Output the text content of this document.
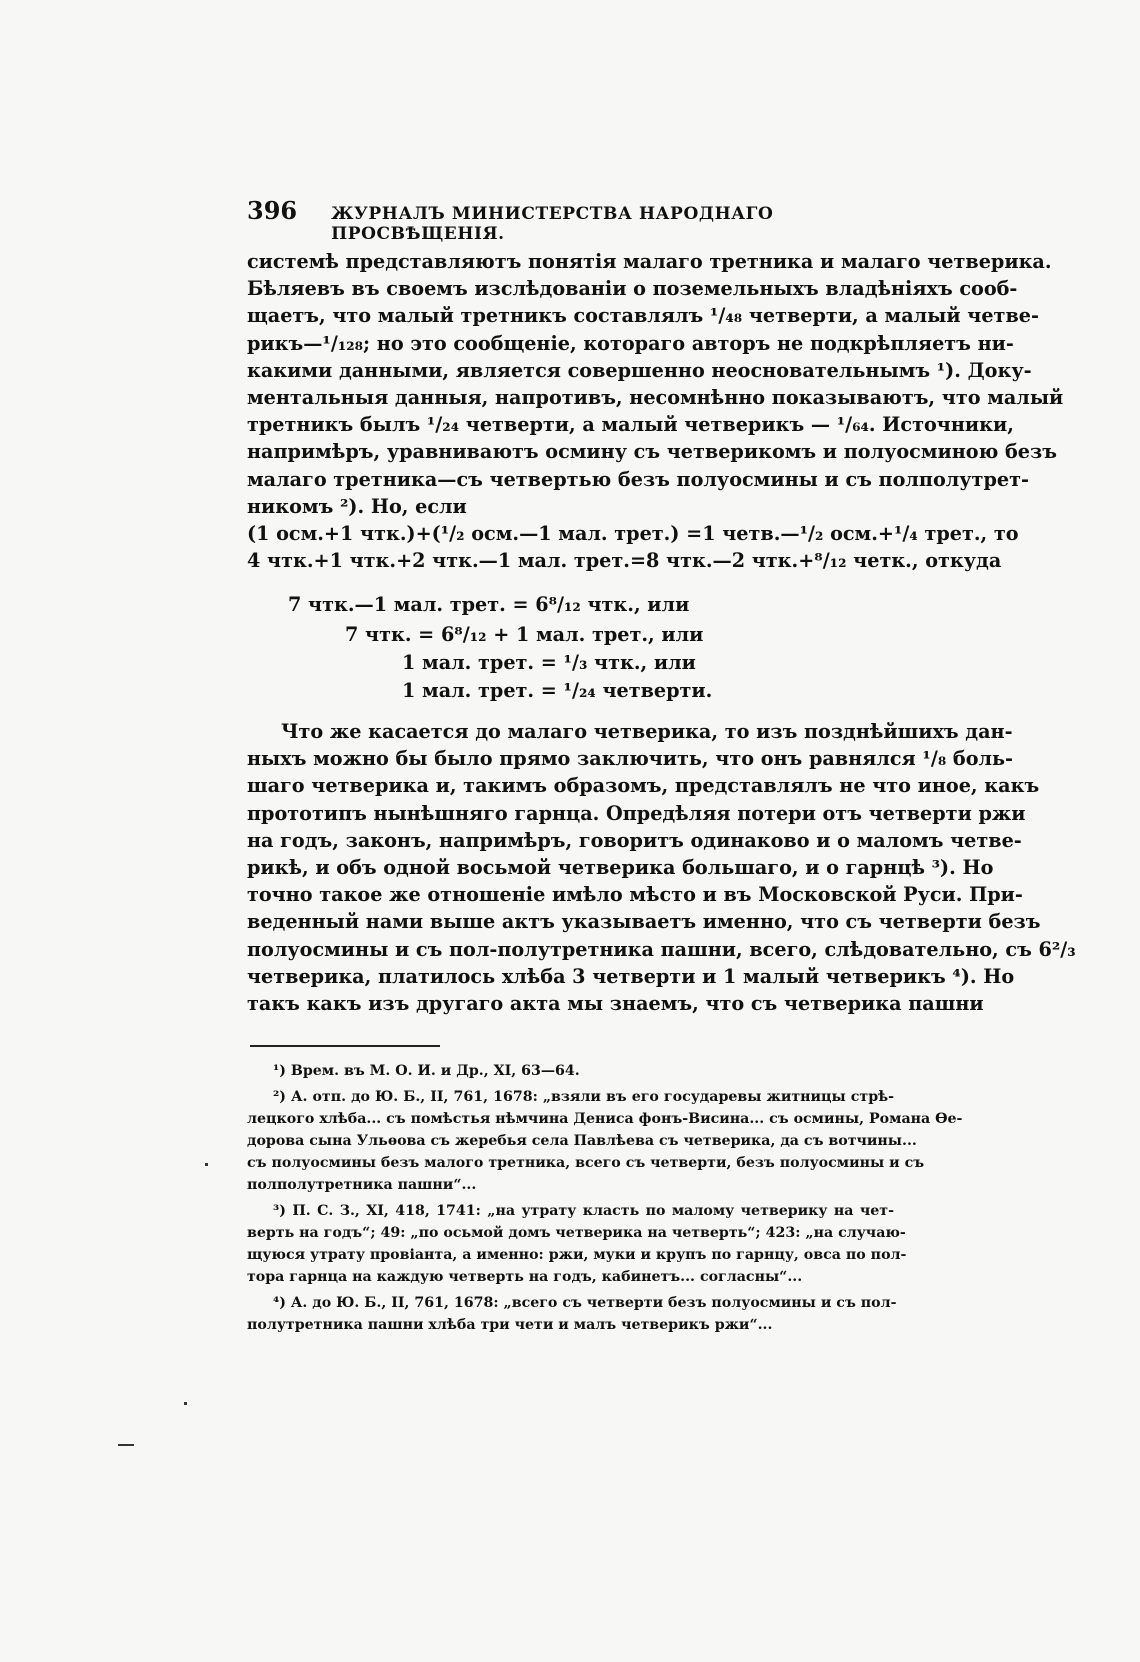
396 ЖУРНАЛЪ МИНИСТЕРСТВА НАРОДНАГО ПРОСВѢЩЕНІЯ.
системѣ представляютъ понятія малаго третника и малаго четверика.
Бѣляевъ въ своемъ изслѣдованіи о поземельныхъ владѣніяхъ сооб-
щаетъ, что малый третникъ составлялъ ¹/₄₈ четверти, а малый четве-
рикъ—¹/₁₂₈; но это сообщеніе, котораго авторъ не подкрѣпляетъ ни-
какими данными, является совершенно неосновательнымъ ¹). Доку-
ментальныя данныя, напротивъ, несомнѣнно показываютъ, что малый
третникъ былъ ¹/₂₄ четверти, а малый четверикъ — ¹/₆₄. Источники,
напримѣръ, уравниваютъ осмину съ четверикомъ и полуосминою безъ
малаго третника—съ четвертью безъ полуосмины и съ полполутрет-
никомъ ²). Но, если
(1 осм.+1 чтк.)+(¹/₂ осм.—1 мал. трет.) =1 четв.—¹/₂ осм.+¹/₄ трет., то
4 чтк.+1 чтк.+2 чтк.—1 мал. трет.=8 чтк.—2 чтк.+⁸/₁₂ четк., откуда
7 чтк.—1 мал. трет. = 6⁸/₁₂ чтк., или
7 чтк. = 6⁸/₁₂ + 1 мал. трет., или
1 мал. трет. = ¹/₃ чтк., или
1 мал. трет. = ¹/₂₄ четверти.
Что же касается до малаго четверика, то изъ позднѣйшихъ дан-
ныхъ можно бы было прямо заключить, что онъ равнялся ¹/₈ боль-
шаго четверика и, такимъ образомъ, представлялъ не что иное, какъ
прототипъ нынѣшняго гарнца. Опредѣляя потери отъ четверти ржи
на годъ, законъ, напримѣръ, говоритъ одинаково и о маломъ четве-
рикѣ, и объ одной восьмой четверика большаго, и о гарнцѣ ³). Но
точно такое же отношеніе имѣло мѣсто и въ Московской Руси. При-
веденный нами выше актъ указываетъ именно, что съ четверти безъ
полуосмины и съ пол-полутретника пашни, всего, слѣдовательно, съ 6²/₃
четверика, платилось хлѣба 3 четверти и 1 малый четверикъ ⁴). Но
такъ какъ изъ другаго акта мы знаемъ, что съ четверика пашни
¹) Врем. въ М. О. И. и Др., XI, 63—64.
²) А. отп. до Ю. Б., II, 761, 1678: „взяли въ его государевы житницы стрѣ-
лецкого хлѣба... съ помѣстья нѣмчина Дениса фонъ-Висина... съ осмины, Романа Ѳе-
дорова сына Ульѳова съ жеребья села Павлѣева съ четверика, да съ вотчины...
съ полуосмины безъ малого третника, всего съ четверти, безъ полуосмины и съ
полполутретника пашни“...
³) П. С. З., XI, 418, 1741: „на утрату класть по малому четверику на чет-
верть на годъ“; 49: „по осьмой домъ четверика на четверть“; 423: „на случаю-
щуюся утрату провіанта, а именно: ржи, муки и крупъ по гарнцу, овса по пол-
тора гарнца на каждую четверть на годъ, кабинетъ... согласны“...
⁴) А. до Ю. Б., II, 761, 1678: „всего съ четверти безъ полуосмины и съ пол-
полутретника пашни хлѣба три чети и малъ четверикъ ржи“...
